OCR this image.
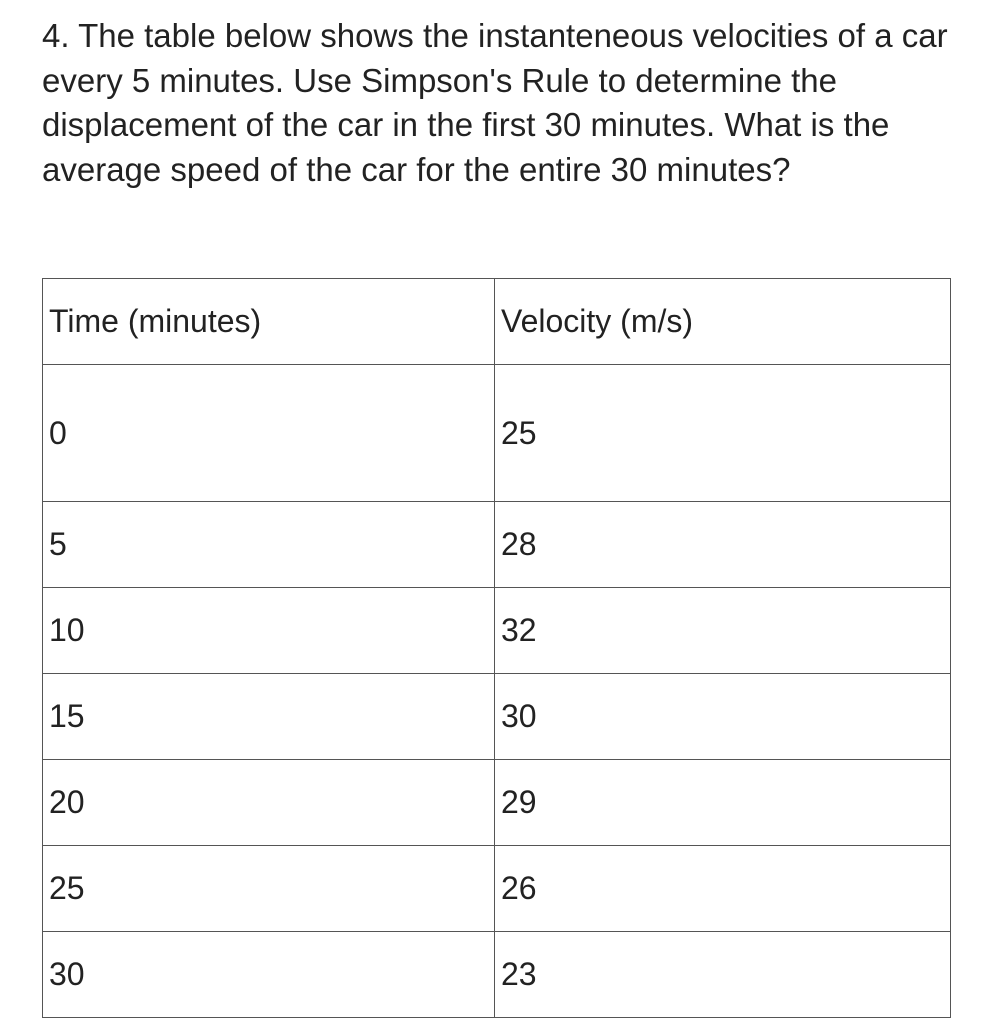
4. The table below shows the instanteneous velocities of a car every 5 minutes. Use Simpson's Rule to determine the displacement of the car in the first 30 minutes. What is the average speed of the car for the entire 30 minutes?

Time (minutes)	Velocity (m/s)
0	25
5	28
10	32
15	30
20	29
25	26
30	23
